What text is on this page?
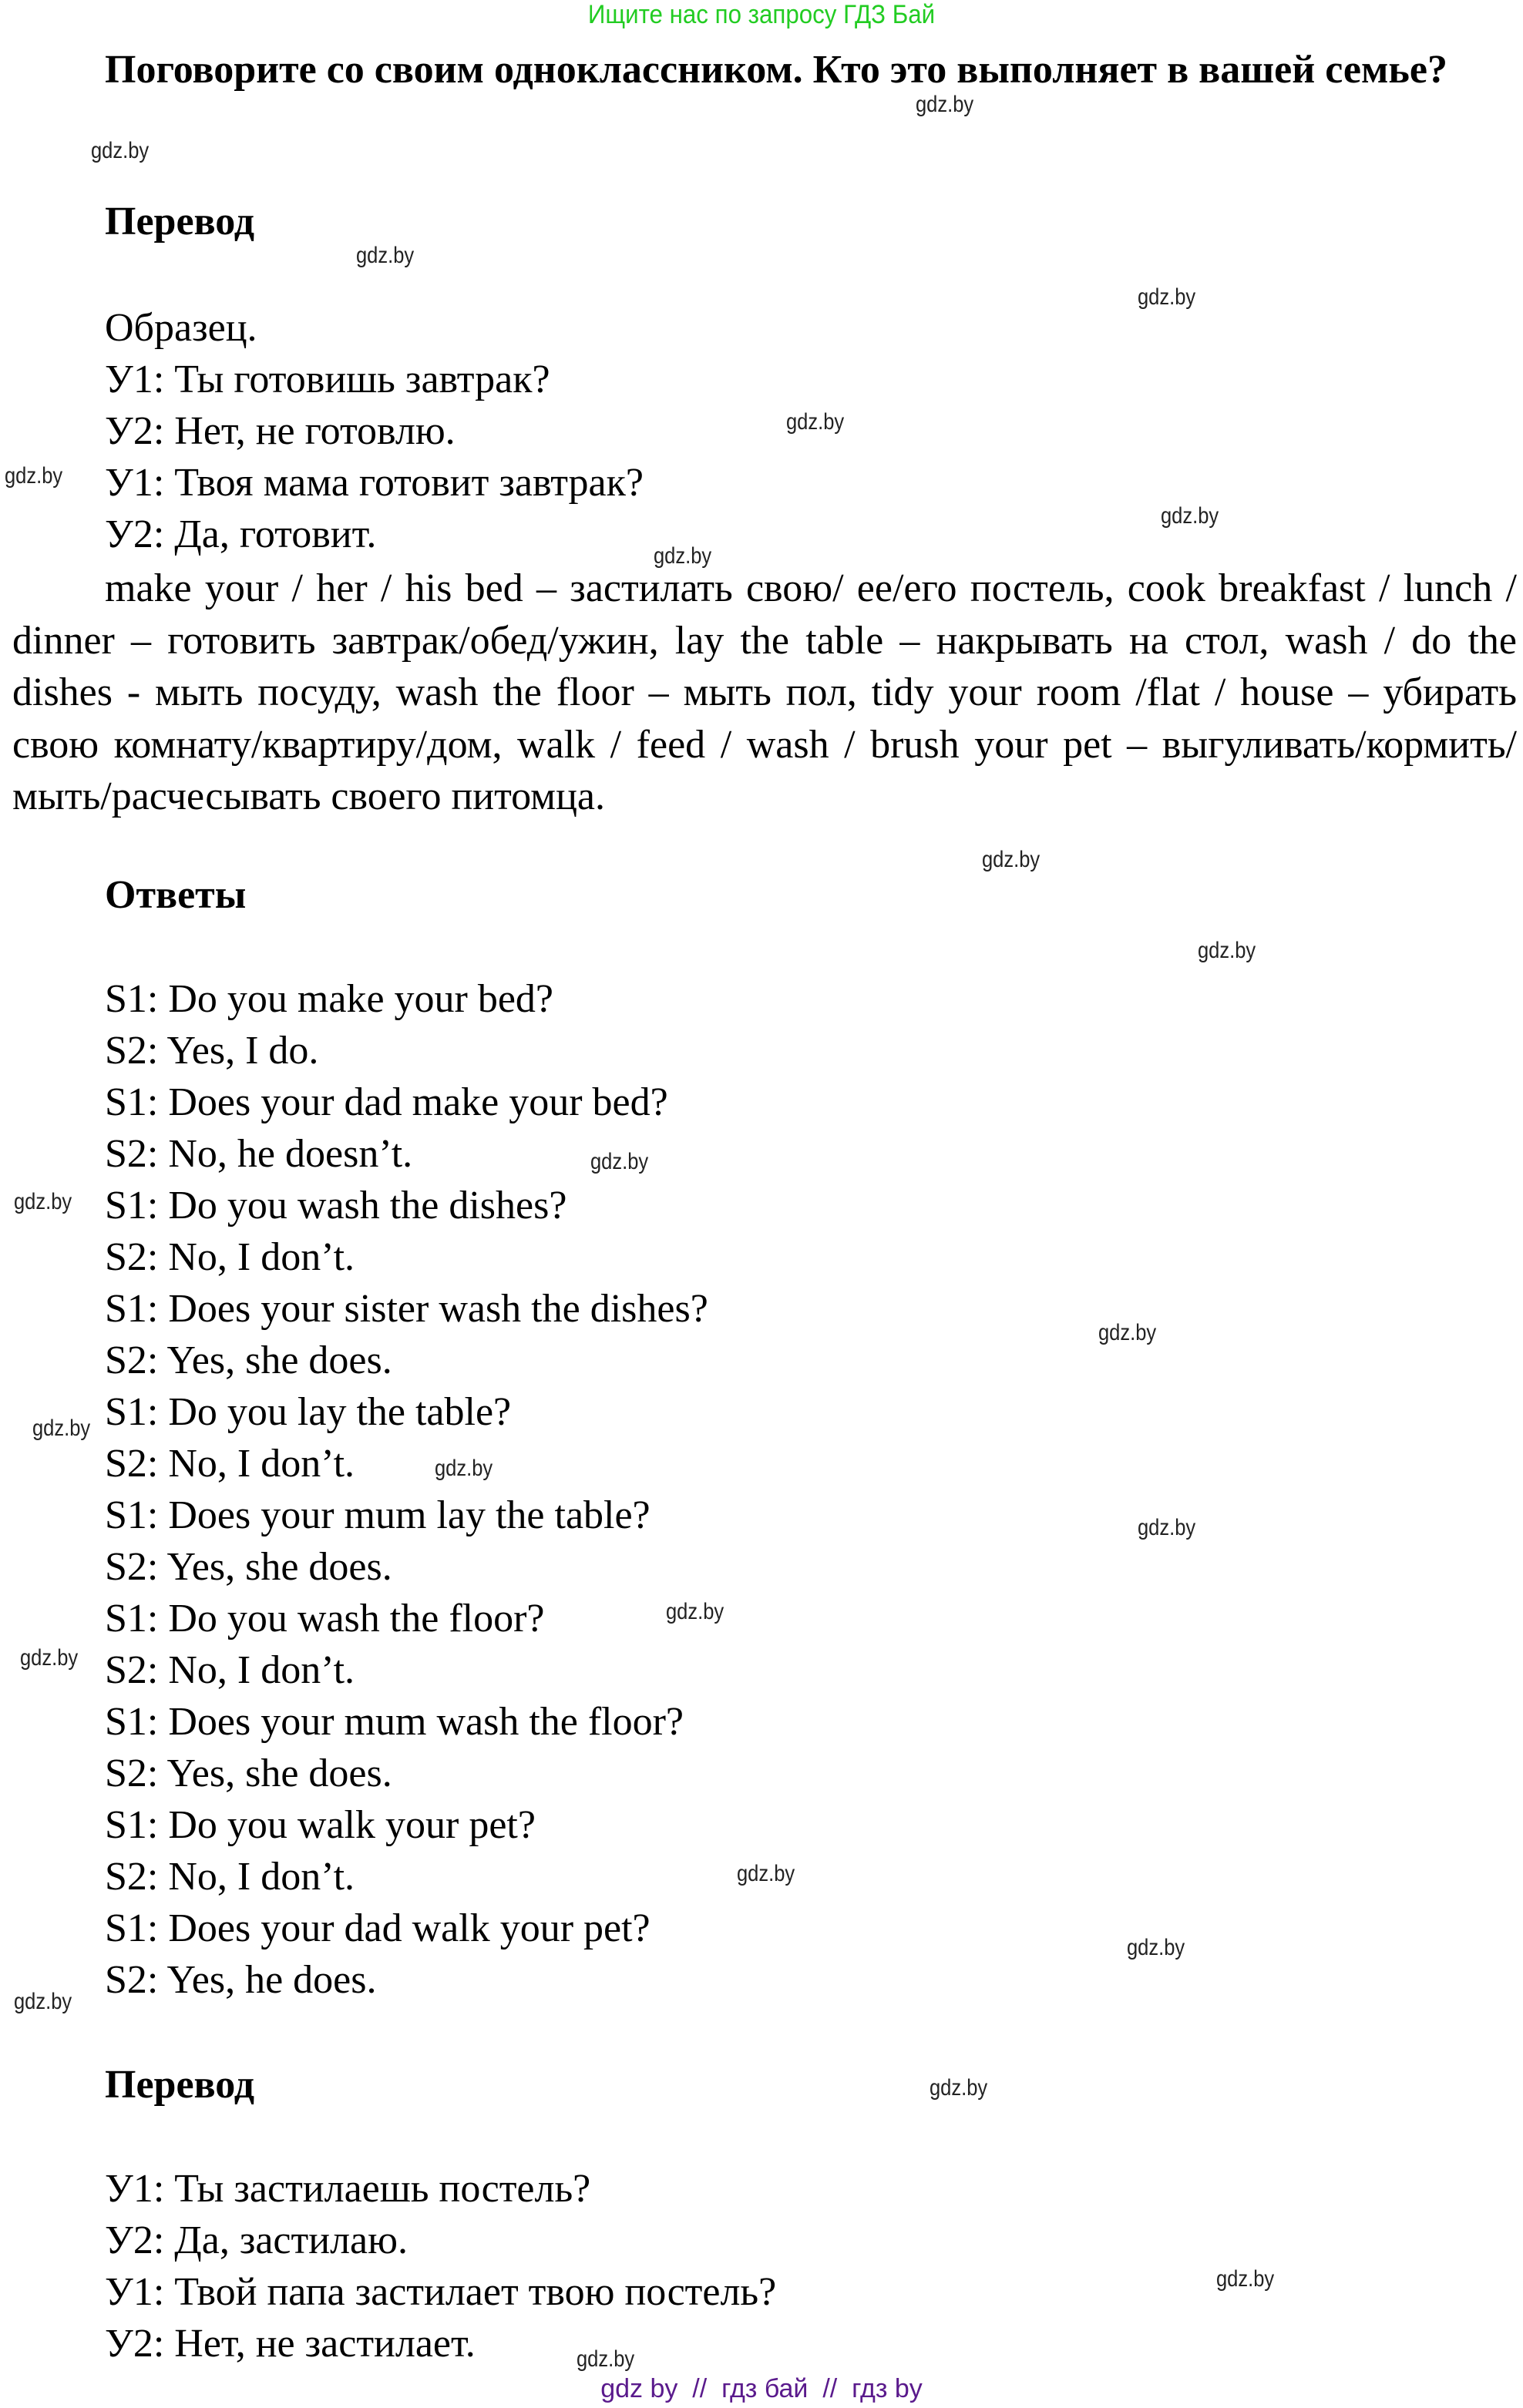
Ищите нас по запросу ГДЗ Бай
Поговорите со своим одноклассником. Кто это выполняет в вашей семье?
Перевод
Образец.
У1: Ты готовишь завтрак?
У2: Нет, не готовлю.
У1: Твоя мама готовит завтрак?
У2: Да, готовит.
make your / her / his bed – застилать свою/ ее/его постель, cook breakfast / lunch / dinner – готовить завтрак/обед/ужин, lay the table – накрывать на стол, wash / do the dishes - мыть посуду, wash the floor – мыть пол, tidy your room /flat / house – убирать свою комнату/квартиру/дом, walk / feed / wash / brush your pet – выгуливать/кормить/мыть/расчесывать своего питомца.
Ответы
S1: Do you make your bed?
S2: Yes, I do.
S1: Does your dad make your bed?
S2: No, he doesn’t.
S1: Do you wash the dishes?
S2: No, I don’t.
S1: Does your sister wash the dishes?
S2: Yes, she does.
S1: Do you lay the table?
S2: No, I don’t.
S1: Does your mum lay the table?
S2: Yes, she does.
S1: Do you wash the floor?
S2: No, I don’t.
S1: Does your mum wash the floor?
S2: Yes, she does.
S1: Do you walk your pet?
S2: No, I don’t.
S1: Does your dad walk your pet?
S2: Yes, he does.
Перевод
У1: Ты застилаешь постель?
У2: Да, застилаю.
У1: Твой папа застилает твою постель?
У2: Нет, не застилает.
gdz.by
gdz.by
gdz.by
gdz.by
gdz.by
gdz.by
gdz.by
gdz.by
gdz.by
gdz.by
gdz.by
gdz.by
gdz.by
gdz.by
gdz.by
gdz.by
gdz.by
gdz.by
gdz.by
gdz.by
gdz.by
gdz.by
gdz.by
gdz.by
gdz by  //  гдз бай  //  гдз by
